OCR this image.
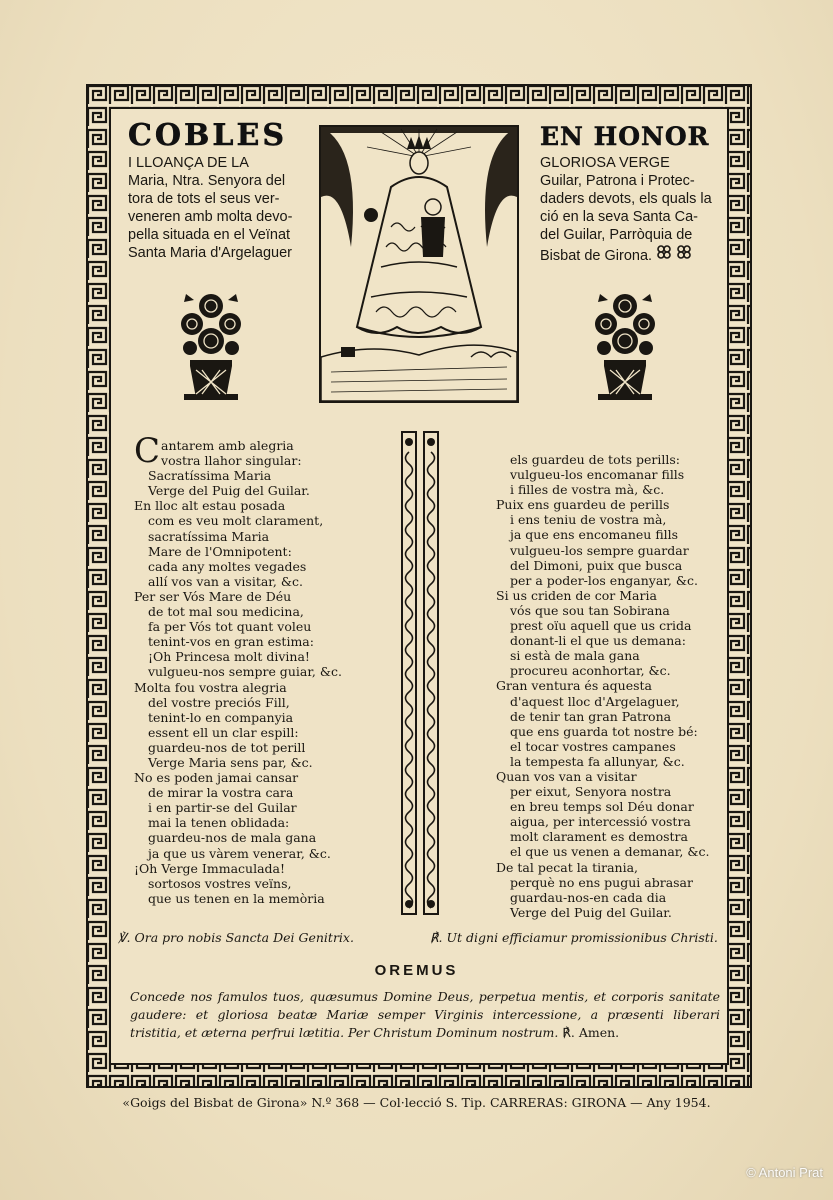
COBLES	EN HONOR
I LLOANÇA DE LA
Maria, Ntra. Senyora del
tora de tots el seus ver-
veneren amb molta devo-
pella situada en el Veïnat
Santa Maria d'Argelaguer
GLORIOSA VERGE
Guilar, Patrona i Protec-
daders devots, els quals la
ció en la seva Santa Ca-
del Guilar, Parròquia de
Bisbat de Girona.
Cantarem amb alegria
vostra llahor singular:
Sacratíssima Maria
Verge del Puig del Guilar.
En lloc alt estau posada
com es veu molt clarament,
sacratíssima Maria
Mare de l'Omnipotent:
cada any moltes vegades
allí vos van a visitar, &c.
Per ser Vós Mare de Déu
de tot mal sou medicina,
fa per Vós tot quant voleu
tenint-vos en gran estima:
¡Oh Princesa molt divina!
vulgueu-nos sempre guiar, &c.
Molta fou vostra alegria
del vostre preciós Fill,
tenint-lo en companyia
essent ell un clar espill:
guardeu-nos de tot perill
Verge Maria sens par, &c.
No es poden jamai cansar
de mirar la vostra cara
i en partir-se del Guilar
mai la tenen oblidada:
guardeu-nos de mala gana
ja que us vàrem venerar, &c.
¡Oh Verge Immaculada!
sortosos vostres veïns,
que us tenen en la memòria
els guardeu de tots perills:
vulgueu-los encomanar fills
i filles de vostra mà, &c.
Puix ens guardeu de perills
i ens teniu de vostra mà,
ja que ens encomaneu fills
vulgueu-los sempre guardar
del Dimoni, puix que busca
per a poder-los enganyar, &c.
Si us criden de cor Maria
vós que sou tan Sobirana
prest oïu aquell que us crida
donant-li el que us demana:
si està de mala gana
procureu aconhortar, &c.
Gran ventura és aquesta
d'aquest lloc d'Argelaguer,
de tenir tan gran Patrona
que ens guarda tot nostre bé:
el tocar vostres campanes
la tempesta fa allunyar, &c.
Quan vos van a visitar
per eixut, Senyora nostra
en breu temps sol Déu donar
aigua, per intercessió vostra
molt clarament es demostra
el que us venen a demanar, &c.
De tal pecat la tirania,
perquè no ens pugui abrasar
guardau-nos-en cada dia
Verge del Puig del Guilar.
℣. Ora pro nobis Sancta Dei Genitrix.	℟. Ut digni efficiamur promissionibus Christi.
OREMUS
Concede nos famulos tuos, quæsumus Domine Deus, perpetua mentis, et corporis sanitate gaudere: et gloriosa beatæ Mariæ semper Virginis intercessione, a præsenti liberari tristitia, et æterna perfrui lætitia. Per Christum Dominum nostrum. ℟. Amen.
«Goigs del Bisbat de Girona» N.º 368 — Col·lecció S. Tip. CARRERAS: GIRONA — Any 1954.
© Antoni Prat
